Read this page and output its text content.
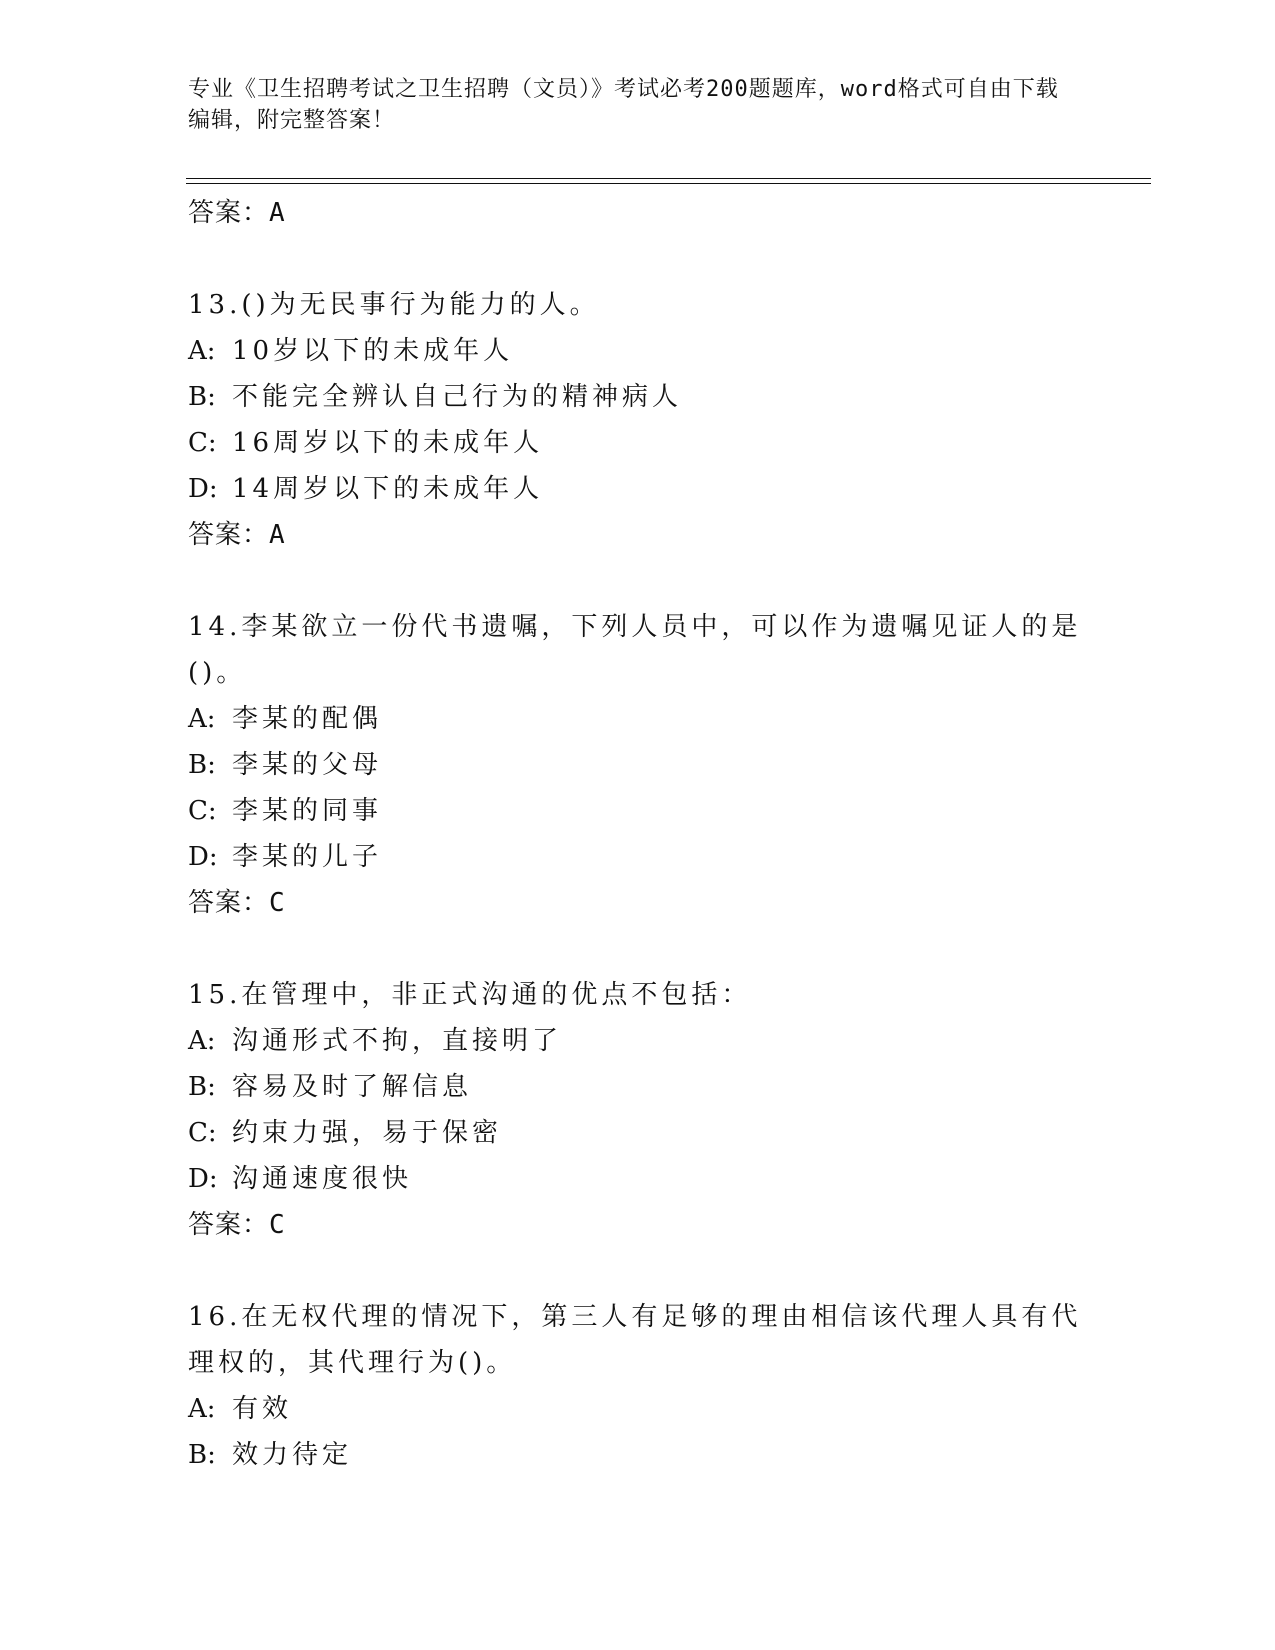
专业《卫生招聘考试之卫生招聘（文员）》考试必考200题题库，word格式可自由下载编辑，附完整答案！
答案：A
13.()为无民事行为能力的人。
A: 10岁以下的未成年人
B: 不能完全辨认自己行为的精神病人
C: 16周岁以下的未成年人
D: 14周岁以下的未成年人
答案：A
14.李某欲立一份代书遗嘱，下列人员中，可以作为遗嘱见证人的是()。
A: 李某的配偶
B: 李某的父母
C: 李某的同事
D: 李某的儿子
答案：C
15.在管理中，非正式沟通的优点不包括：
A: 沟通形式不拘，直接明了
B: 容易及时了解信息
C: 约束力强，易于保密
D: 沟通速度很快
答案：C
16.在无权代理的情况下，第三人有足够的理由相信该代理人具有代理权的，其代理行为()。
A: 有效
B: 效力待定
